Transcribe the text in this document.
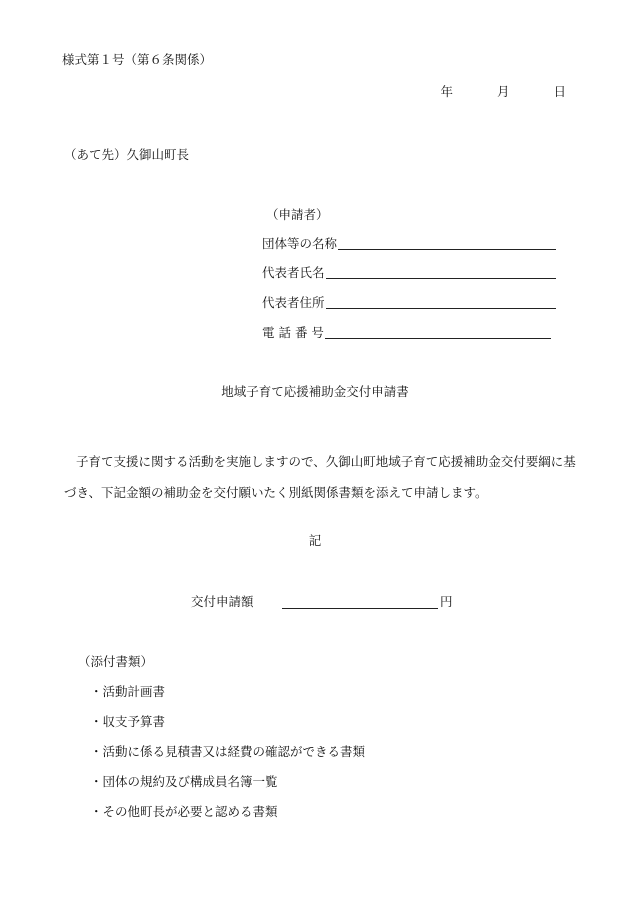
様式第１号（第６条関係）
年	月	日
（あて先）久御山町長
（申請者）
団体等の名称
代表者氏名
代表者住所
電 話 番 号
地域子育て応援補助金交付申請書
子育て支援に関する活動を実施しますので、久御山町地域子育て応援補助金交付要綱に基づき、下記金額の補助金を交付願いたく別紙関係書類を添えて申請します。
記
交付申請額	円
（添付書類）
・活動計画書
・収支予算書
・活動に係る見積書又は経費の確認ができる書類
・団体の規約及び構成員名簿一覧
・その他町長が必要と認める書類
